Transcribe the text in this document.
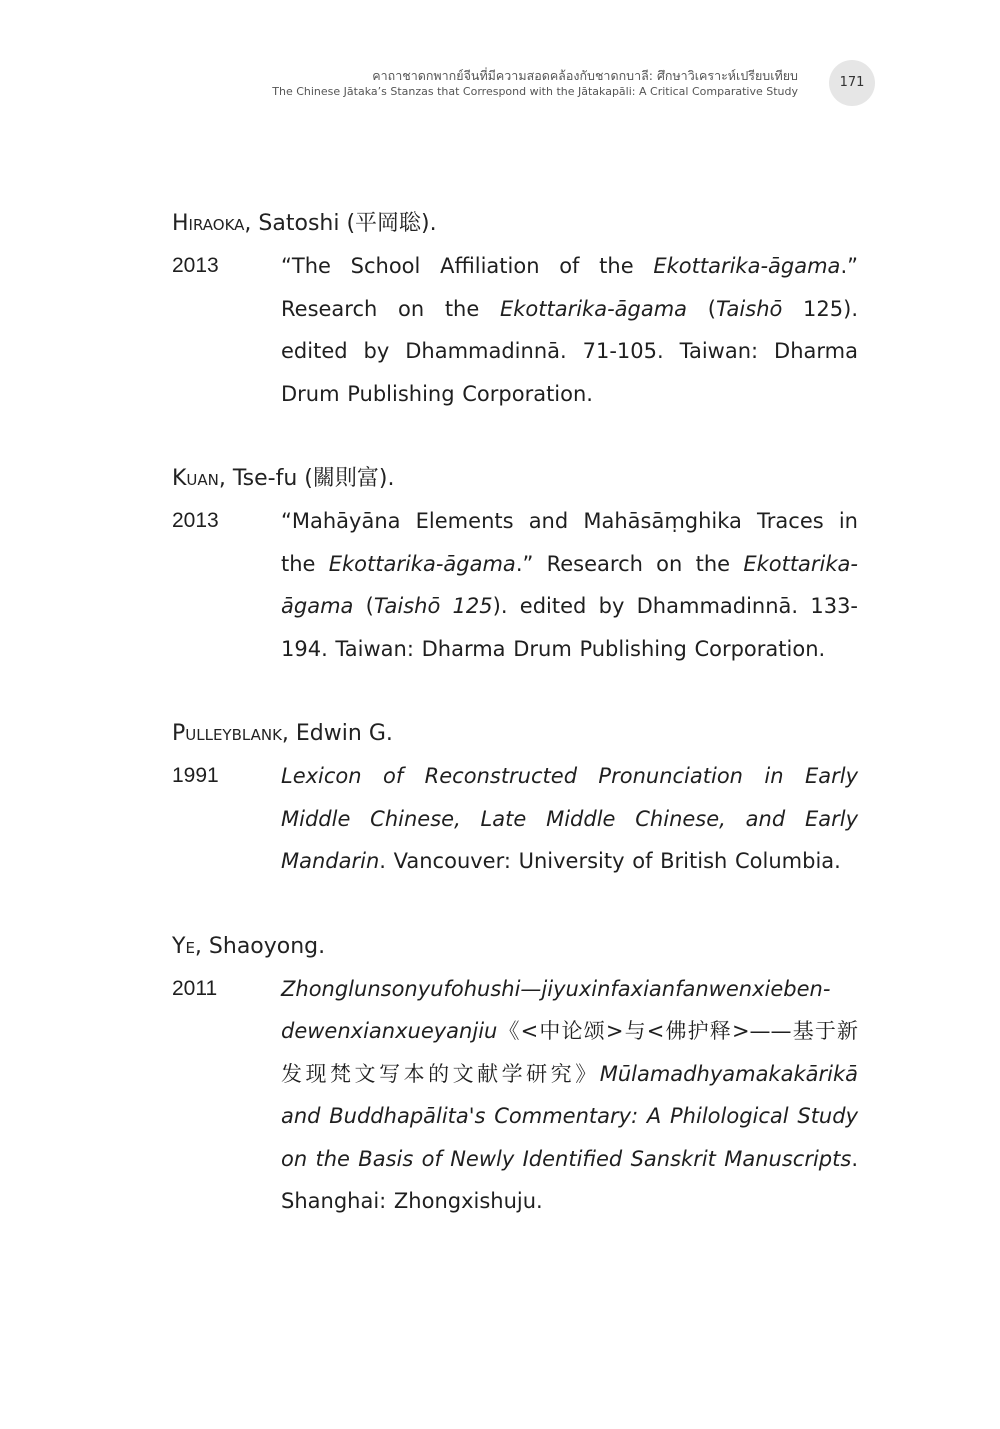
คาถาชาดกพากย์จีนที่มีความสอดคล้องกับชาดกบาลี: ศึกษาวิเคราะห์เปรียบเทียบ
The Chinese Jātaka’s Stanzas that Correspond with the Jātakapāli: A Critical Comparative Study
171
Hiraoka, Satoshi (平岡聡).
2013	“The School Affiliation of the Ekottarika-āgama.” Research on the Ekottarika-āgama (Taishō 125). edited by Dhammadinnā. 71-105. Taiwan: Dharma Drum Publishing Corporation.
Kuan, Tse-fu (關則富).
2013	“Mahāyāna Elements and Mahāsāṃghika Traces in the Ekottarika-āgama.” Research on the Ekottarika-āgama (Taishō 125). edited by Dhammadinnā. 133-194. Taiwan: Dharma Drum Publishing Corporation.
Pulleyblank, Edwin G.
1991	Lexicon of Reconstructed Pronunciation in Early Middle Chinese, Late Middle Chinese, and Early Mandarin. Vancouver: University of British Columbia.
Ye, Shaoyong.
2011	Zhonglunsonyufohushi—jiyuxinfaxianfanwenxieben-dewenxianxueyanjiu《<中论颂>与<佛护释>——基于新发现梵文写本的文献学研究》Mūlamadhyamakakārikā and Buddhapālita's Commentary: A Philological Study on the Basis of Newly Identified Sanskrit Manuscripts. Shanghai: Zhongxishuju.
